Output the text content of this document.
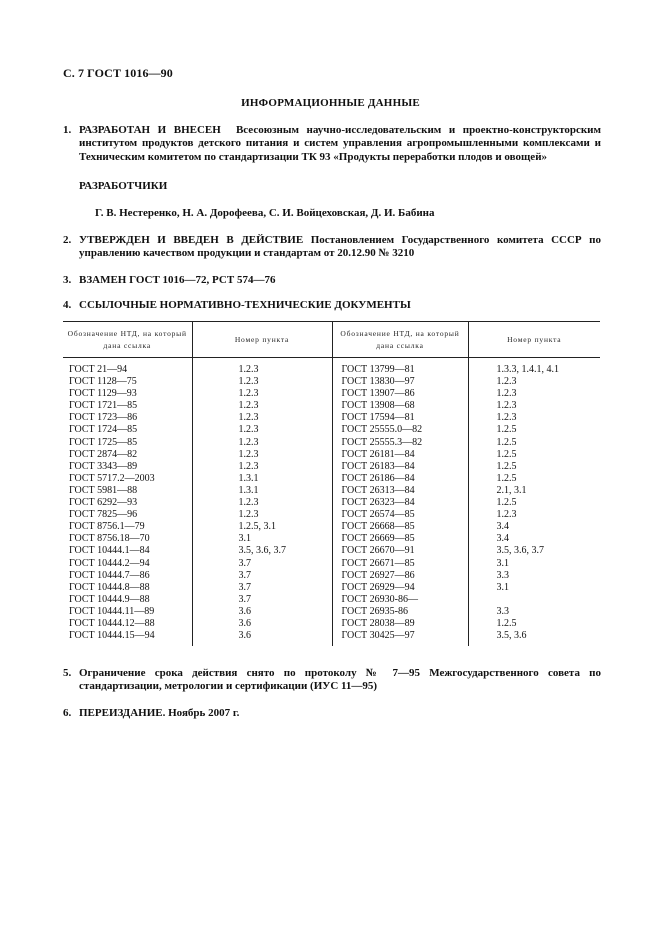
С. 7 ГОСТ 1016—90
ИНФОРМАЦИОННЫЕ ДАННЫЕ
1. РАЗРАБОТАН И ВНЕСЕН Всесоюзным научно-исследовательским и проектно-конструкторским институтом продуктов детского питания и систем управления агропромышленными комплексами и Техническим комитетом по стандартизации ТК 93 «Продукты переработки плодов и овощей»
РАЗРАБОТЧИКИ
Г. В. Нестеренко, Н. А. Дорофеева, С. И. Войцеховская, Д. И. Бабина
2. УТВЕРЖДЕН И ВВЕДЕН В ДЕЙСТВИЕ Постановлением Государственного комитета СССР по управлению качеством продукции и стандартам от 20.12.90 № 3210
3. ВЗАМЕН ГОСТ 1016—72, РСТ 574—76
4. ССЫЛОЧНЫЕ НОРМАТИВНО-ТЕХНИЧЕСКИЕ ДОКУМЕНТЫ
Обозначение НТД, на который дана ссылка	Номер пункта	Обозначение НТД, на который дана ссылка	Номер пункта
ГОСТ 21—94	1.2.3	ГОСТ 13799—81	1.3.3, 1.4.1, 4.1
ГОСТ 1128—75	1.2.3	ГОСТ 13830—97	1.2.3
ГОСТ 1129—93	1.2.3	ГОСТ 13907—86	1.2.3
ГОСТ 1721—85	1.2.3	ГОСТ 13908—68	1.2.3
ГОСТ 1723—86	1.2.3	ГОСТ 17594—81	1.2.3
ГОСТ 1724—85	1.2.3	ГОСТ 25555.0—82	1.2.5
ГОСТ 1725—85	1.2.3	ГОСТ 25555.3—82	1.2.5
ГОСТ 2874—82	1.2.3	ГОСТ 26181—84	1.2.5
ГОСТ 3343—89	1.2.3	ГОСТ 26183—84	1.2.5
ГОСТ 5717.2—2003	1.3.1	ГОСТ 26186—84	1.2.5
ГОСТ 5981—88	1.3.1	ГОСТ 26313—84	2.1, 3.1
ГОСТ 6292—93	1.2.3	ГОСТ 26323—84	1.2.5
ГОСТ 7825—96	1.2.3	ГОСТ 26574—85	1.2.3
ГОСТ 8756.1—79	1.2.5, 3.1	ГОСТ 26668—85	3.4
ГОСТ 8756.18—70	3.1	ГОСТ 26669—85	3.4
ГОСТ 10444.1—84	3.5, 3.6, 3.7	ГОСТ 26670—91	3.5, 3.6, 3.7
ГОСТ 10444.2—94	3.7	ГОСТ 26671—85	3.1
ГОСТ 10444.7—86	3.7	ГОСТ 26927—86	3.3
ГОСТ 10444.8—88	3.7	ГОСТ 26929—94	3.1
ГОСТ 10444.9—88	3.7	ГОСТ 26930-86—	
ГОСТ 10444.11—89	3.6	ГОСТ 26935-86	3.3
ГОСТ 10444.12—88	3.6	ГОСТ 28038—89	1.2.5
ГОСТ 10444.15—94	3.6	ГОСТ 30425—97	3.5, 3.6
5. Ограничение срока действия снято по протоколу № 7—95 Межгосударственного совета по стандартизации, метрологии и сертификации (ИУС 11—95)
6. ПЕРЕИЗДАНИЕ. Ноябрь 2007 г.
